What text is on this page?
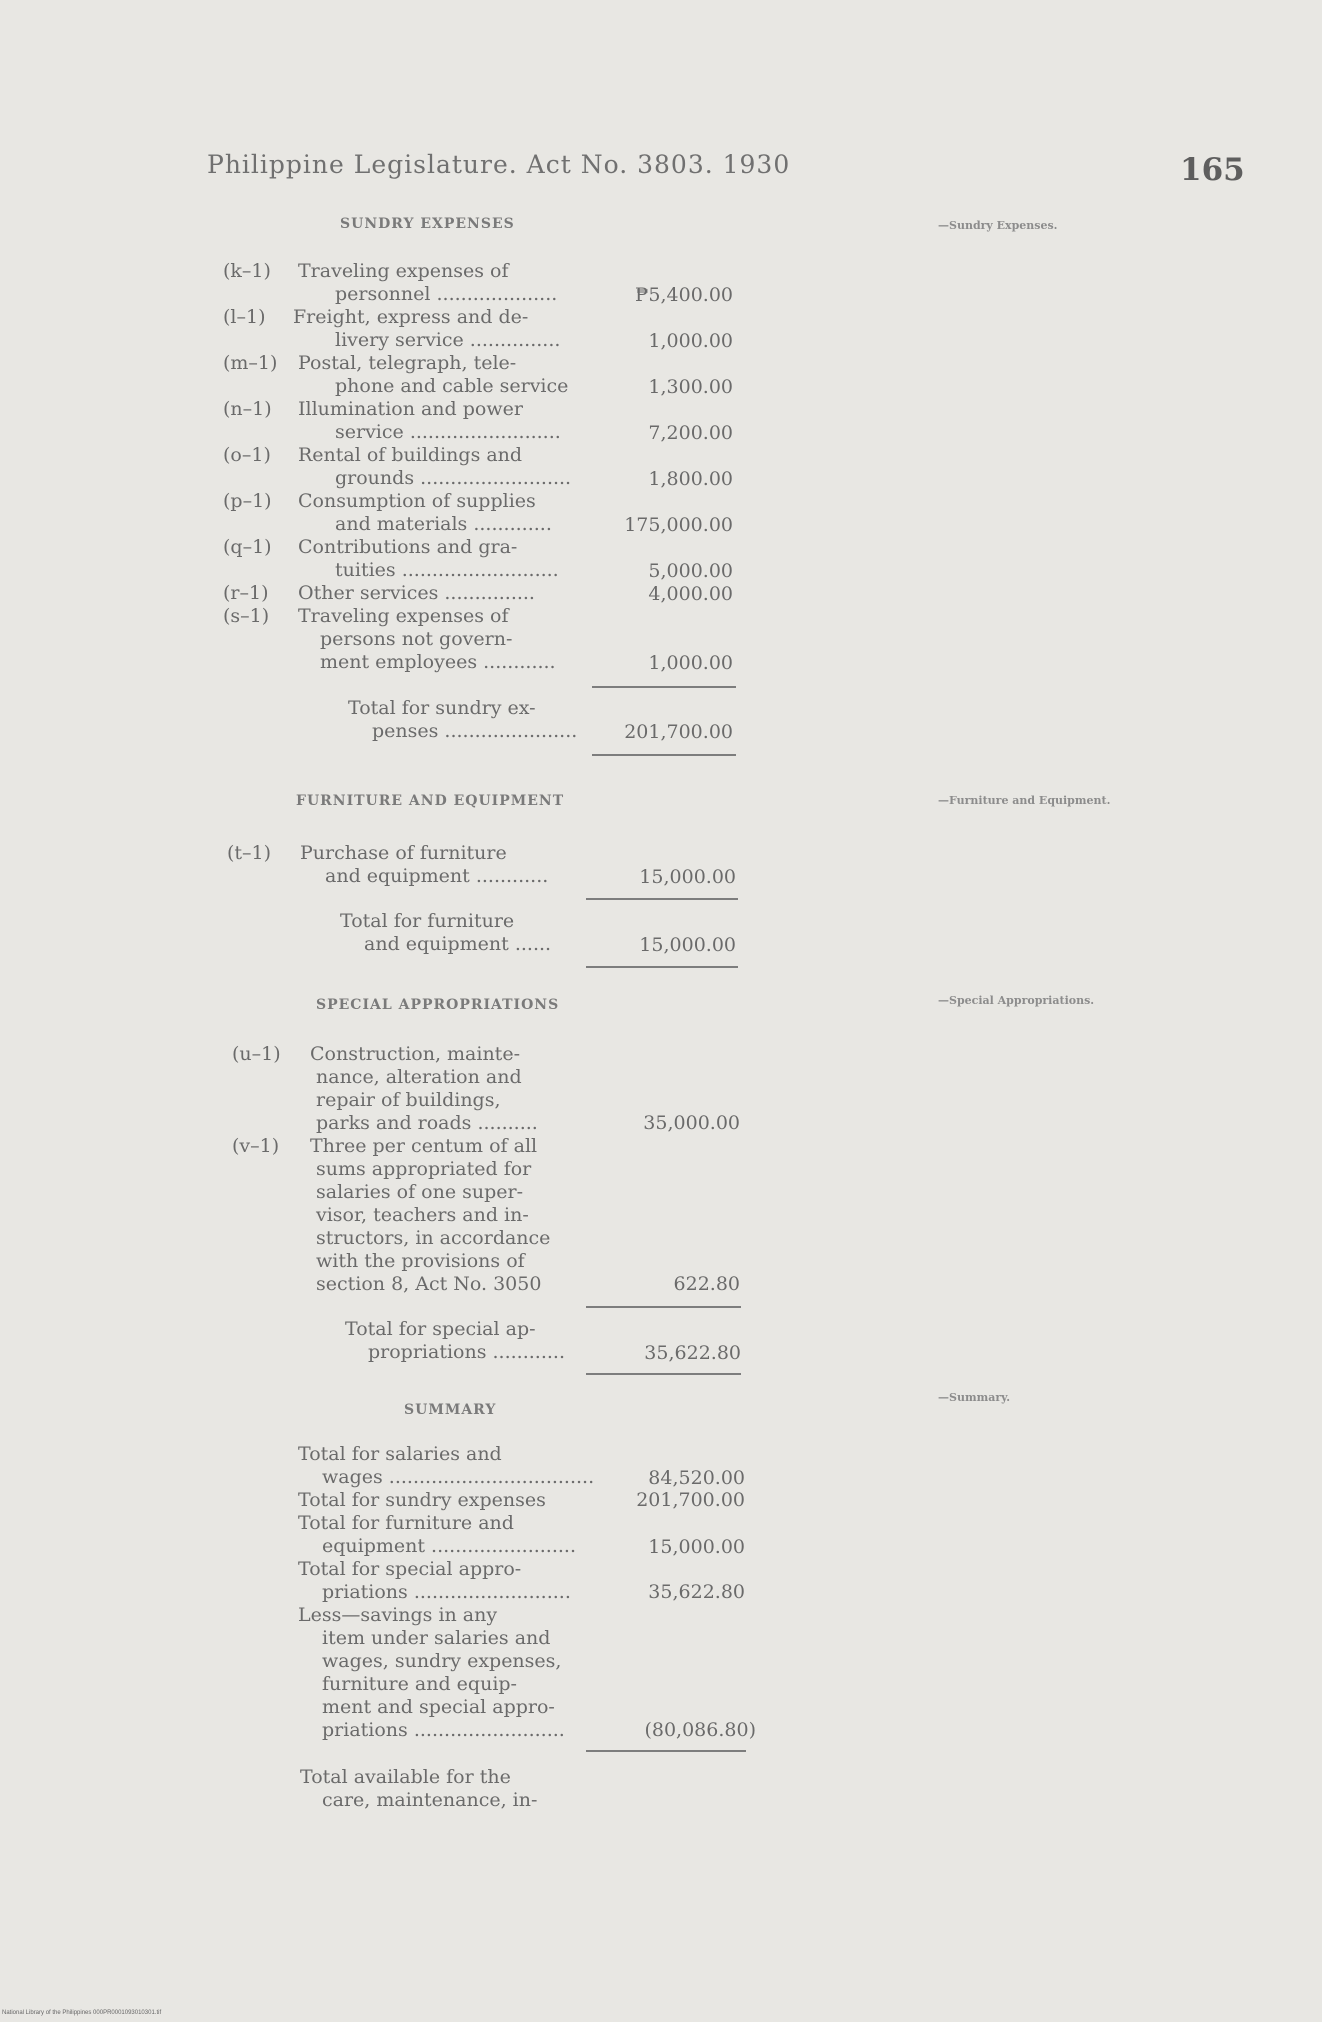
Philippine Legislature. Act No. 3803. 1930	165
SUNDRY EXPENSES	—Sundry Expenses.
(k–1) Traveling expenses of
personnel ....................	₱5,400.00
(l–1) Freight, express and de-
livery service ...............	1,000.00
(m–1) Postal, telegraph, tele-
phone and cable service	1,300.00
(n–1) Illumination and power
service .........................	7,200.00
(o–1) Rental of buildings and
grounds .........................	1,800.00
(p–1) Consumption of supplies
and materials .............	175,000.00
(q–1) Contributions and gra-
tuities ..........................	5,000.00
(r–1) Other services ...............	4,000.00
(s–1) Traveling expenses of
persons not govern-
ment employees ............	1,000.00
Total for sundry ex-
penses ......................	201,700.00
FURNITURE AND EQUIPMENT	—Furniture and Equipment.
(t–1) Purchase of furniture
and equipment ............	15,000.00
Total for furniture
and equipment ......	15,000.00
SPECIAL APPROPRIATIONS	—Special Appropriations.
(u–1) Construction, mainte-
nance, alteration and
repair of buildings,
parks and roads ..........	35,000.00
(v–1) Three per centum of all
sums appropriated for
salaries of one super-
visor, teachers and in-
structors, in accordance
with the provisions of
section 8, Act No. 3050	622.80
Total for special ap-
propriations ............	35,622.80
SUMMARY
—Summary.
Total for salaries and
wages ..................................	84,520.00
Total for sundry expenses	201,700.00
Total for furniture and
equipment ........................	15,000.00
Total for special appro-
priations ..........................	35,622.80
Less—savings in any
item under salaries and
wages, sundry expenses,
furniture and equip-
ment and special appro-
priations .........................	(80,086.80)
Total available for the
care, maintenance, in-
National Library of the Philippines 000PR0001093010301.tif
